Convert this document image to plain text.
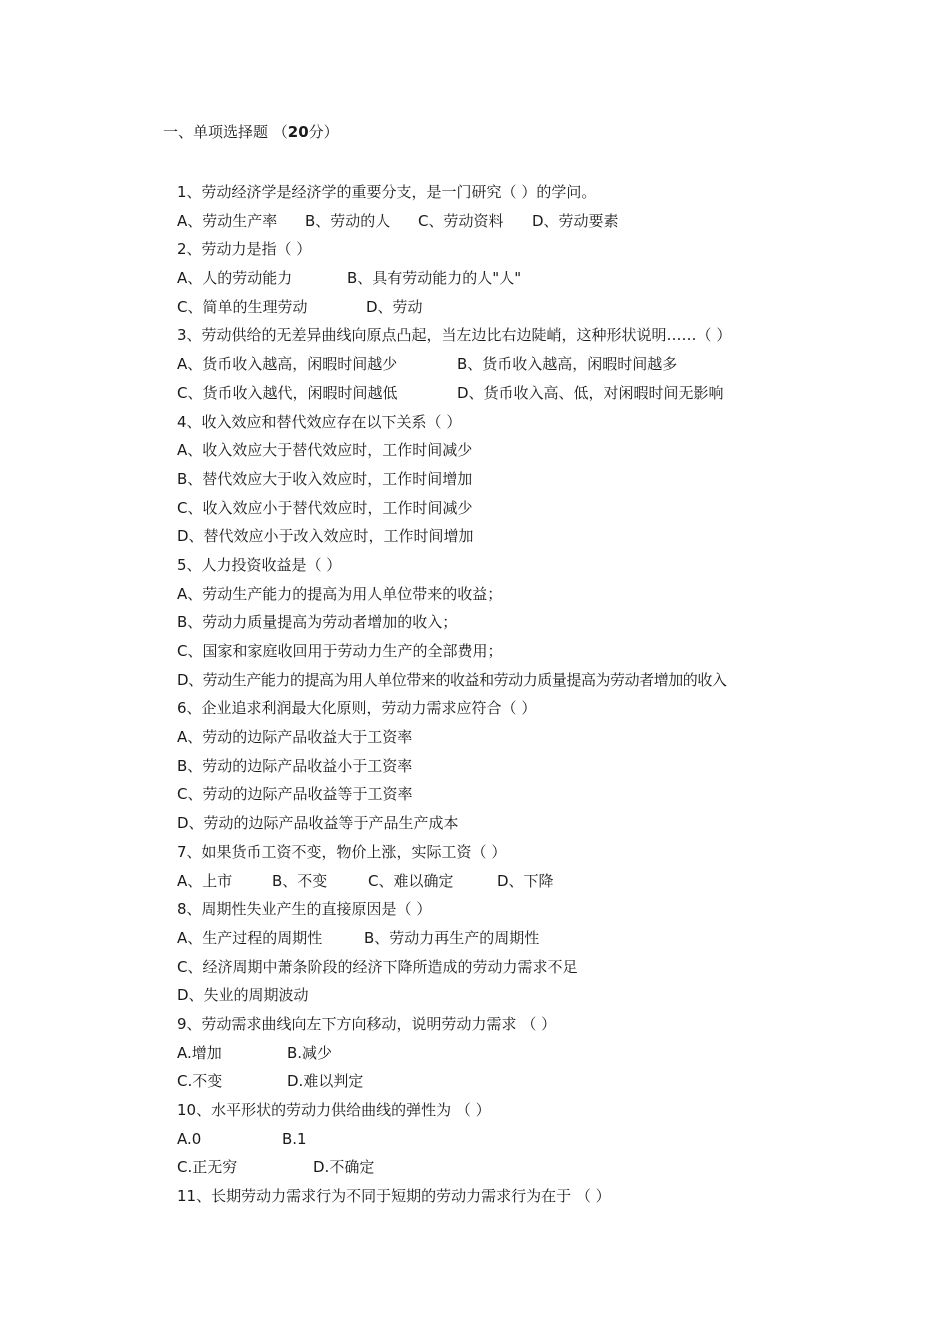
一、单项选择题 （20分）
1、劳动经济学是经济学的重要分支，是一门研究（ ）的学问。
A、劳动生产率 B、劳动的人 C、劳动资料 D、劳动要素
2、劳动力是指（ ）
A、人的劳动能力	B、具有劳动能力的人"人"
C、简单的生理劳动	D、劳动
3、劳动供给的无差异曲线向原点凸起，当左边比右边陡峭，这种形状说明……（ ）
A、货币收入越高，闲暇时间越少	B、货币收入越高，闲暇时间越多
C、货币收入越代，闲暇时间越低	D、货币收入高、低，对闲暇时间无影响
4、收入效应和替代效应存在以下关系（ ）
A、收入效应大于替代效应时，工作时间减少
B、替代效应大于收入效应时，工作时间增加
C、收入效应小于替代效应时，工作时间减少
D、替代效应小于改入效应时，工作时间增加
5、人力投资收益是（ ）
A、劳动生产能力的提高为用人单位带来的收益；
B、劳动力质量提高为劳动者增加的收入；
C、国家和家庭收回用于劳动力生产的全部费用；
D、劳动生产能力的提高为用人单位带来的收益和劳动力质量提高为劳动者增加的收入
6、企业追求利润最大化原则，劳动力需求应符合（ ）
A、劳动的边际产品收益大于工资率
B、劳动的边际产品收益小于工资率
C、劳动的边际产品收益等于工资率
D、劳动的边际产品收益等于产品生产成本
7、如果货币工资不变，物价上涨，实际工资（ ）
A、上市	B、不变	C、难以确定	D、下降
8、周期性失业产生的直接原因是（ ）
A、生产过程的周期性	B、劳动力再生产的周期性
C、经济周期中萧条阶段的经济下降所造成的劳动力需求不足
D、失业的周期波动
9、劳动需求曲线向左下方向移动，说明劳动力需求 （ ）
A.增加	B.减少
C.不变	D.难以判定
10、水平形状的劳动力供给曲线的弹性为 （ ）
A.0	B.1
C.正无穷	D.不确定
11、长期劳动力需求行为不同于短期的劳动力需求行为在于 （ ）
